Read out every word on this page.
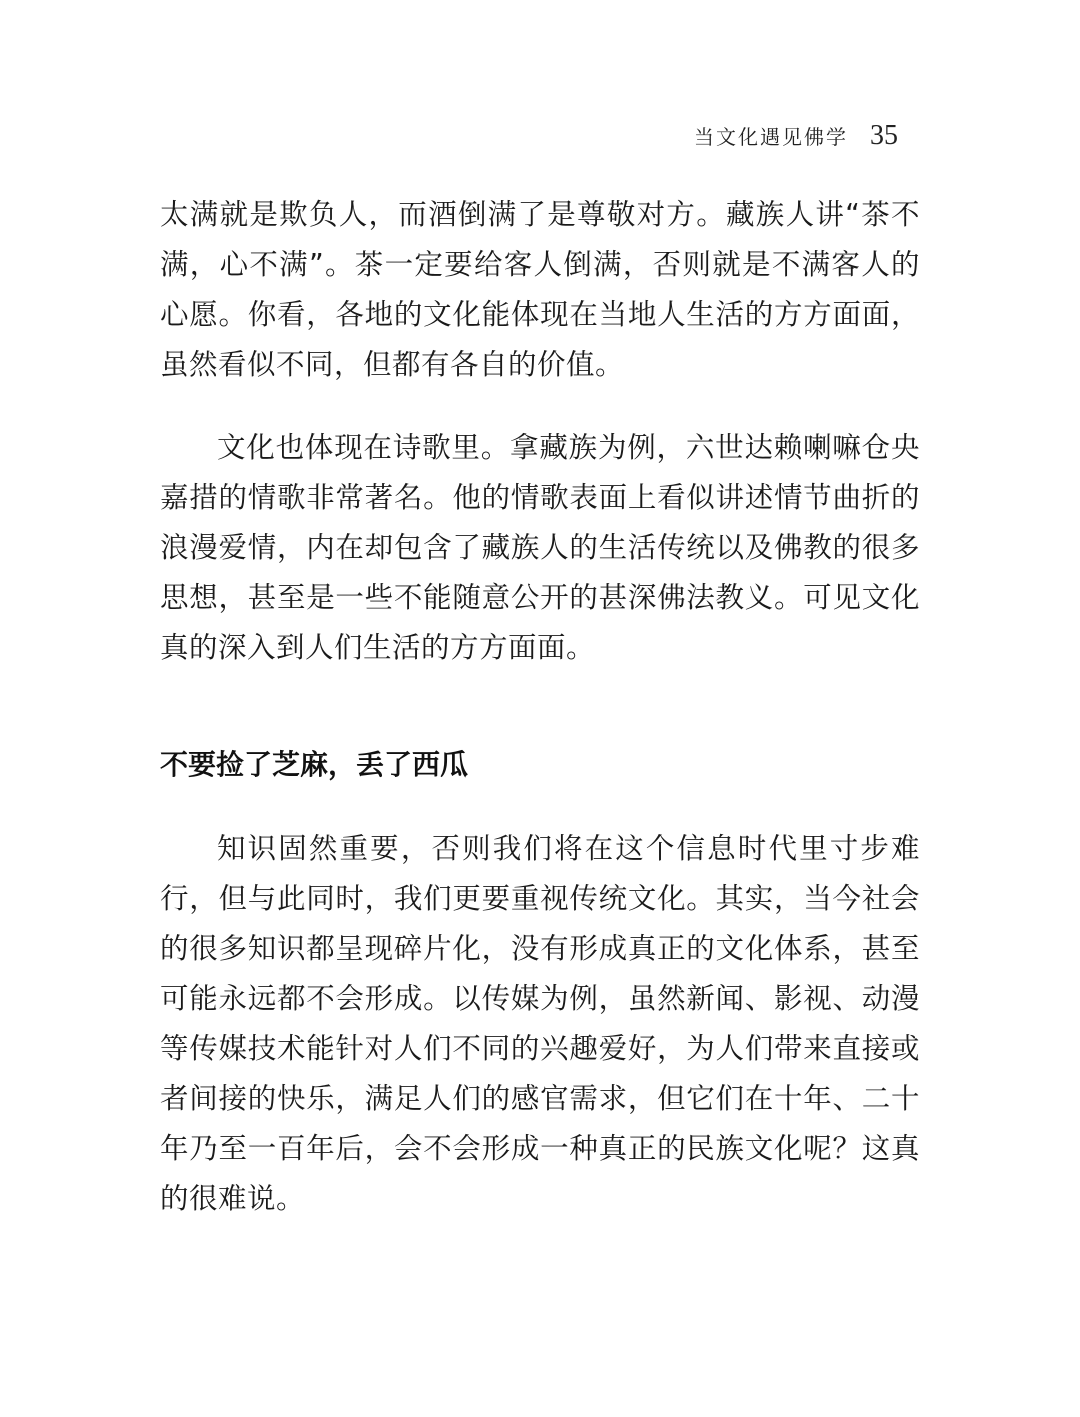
当文化遇见佛学 35

太满就是欺负人，而酒倒满了是尊敬对方。藏族人讲“茶不满，心不满”。茶一定要给客人倒满，否则就是不满客人的心愿。你看，各地的文化能体现在当地人生活的方方面面，虽然看似不同，但都有各自的价值。

文化也体现在诗歌里。拿藏族为例，六世达赖喇嘛仓央嘉措的情歌非常著名。他的情歌表面上看似讲述情节曲折的浪漫爱情，内在却包含了藏族人的生活传统以及佛教的很多思想，甚至是一些不能随意公开的甚深佛法教义。可见文化真的深入到人们生活的方方面面。

不要捡了芝麻，丢了西瓜

知识固然重要，否则我们将在这个信息时代里寸步难行，但与此同时，我们更要重视传统文化。其实，当今社会的很多知识都呈现碎片化，没有形成真正的文化体系，甚至可能永远都不会形成。以传媒为例，虽然新闻、影视、动漫等传媒技术能针对人们不同的兴趣爱好，为人们带来直接或者间接的快乐，满足人们的感官需求，但它们在十年、二十年乃至一百年后，会不会形成一种真正的民族文化呢？这真的很难说。
